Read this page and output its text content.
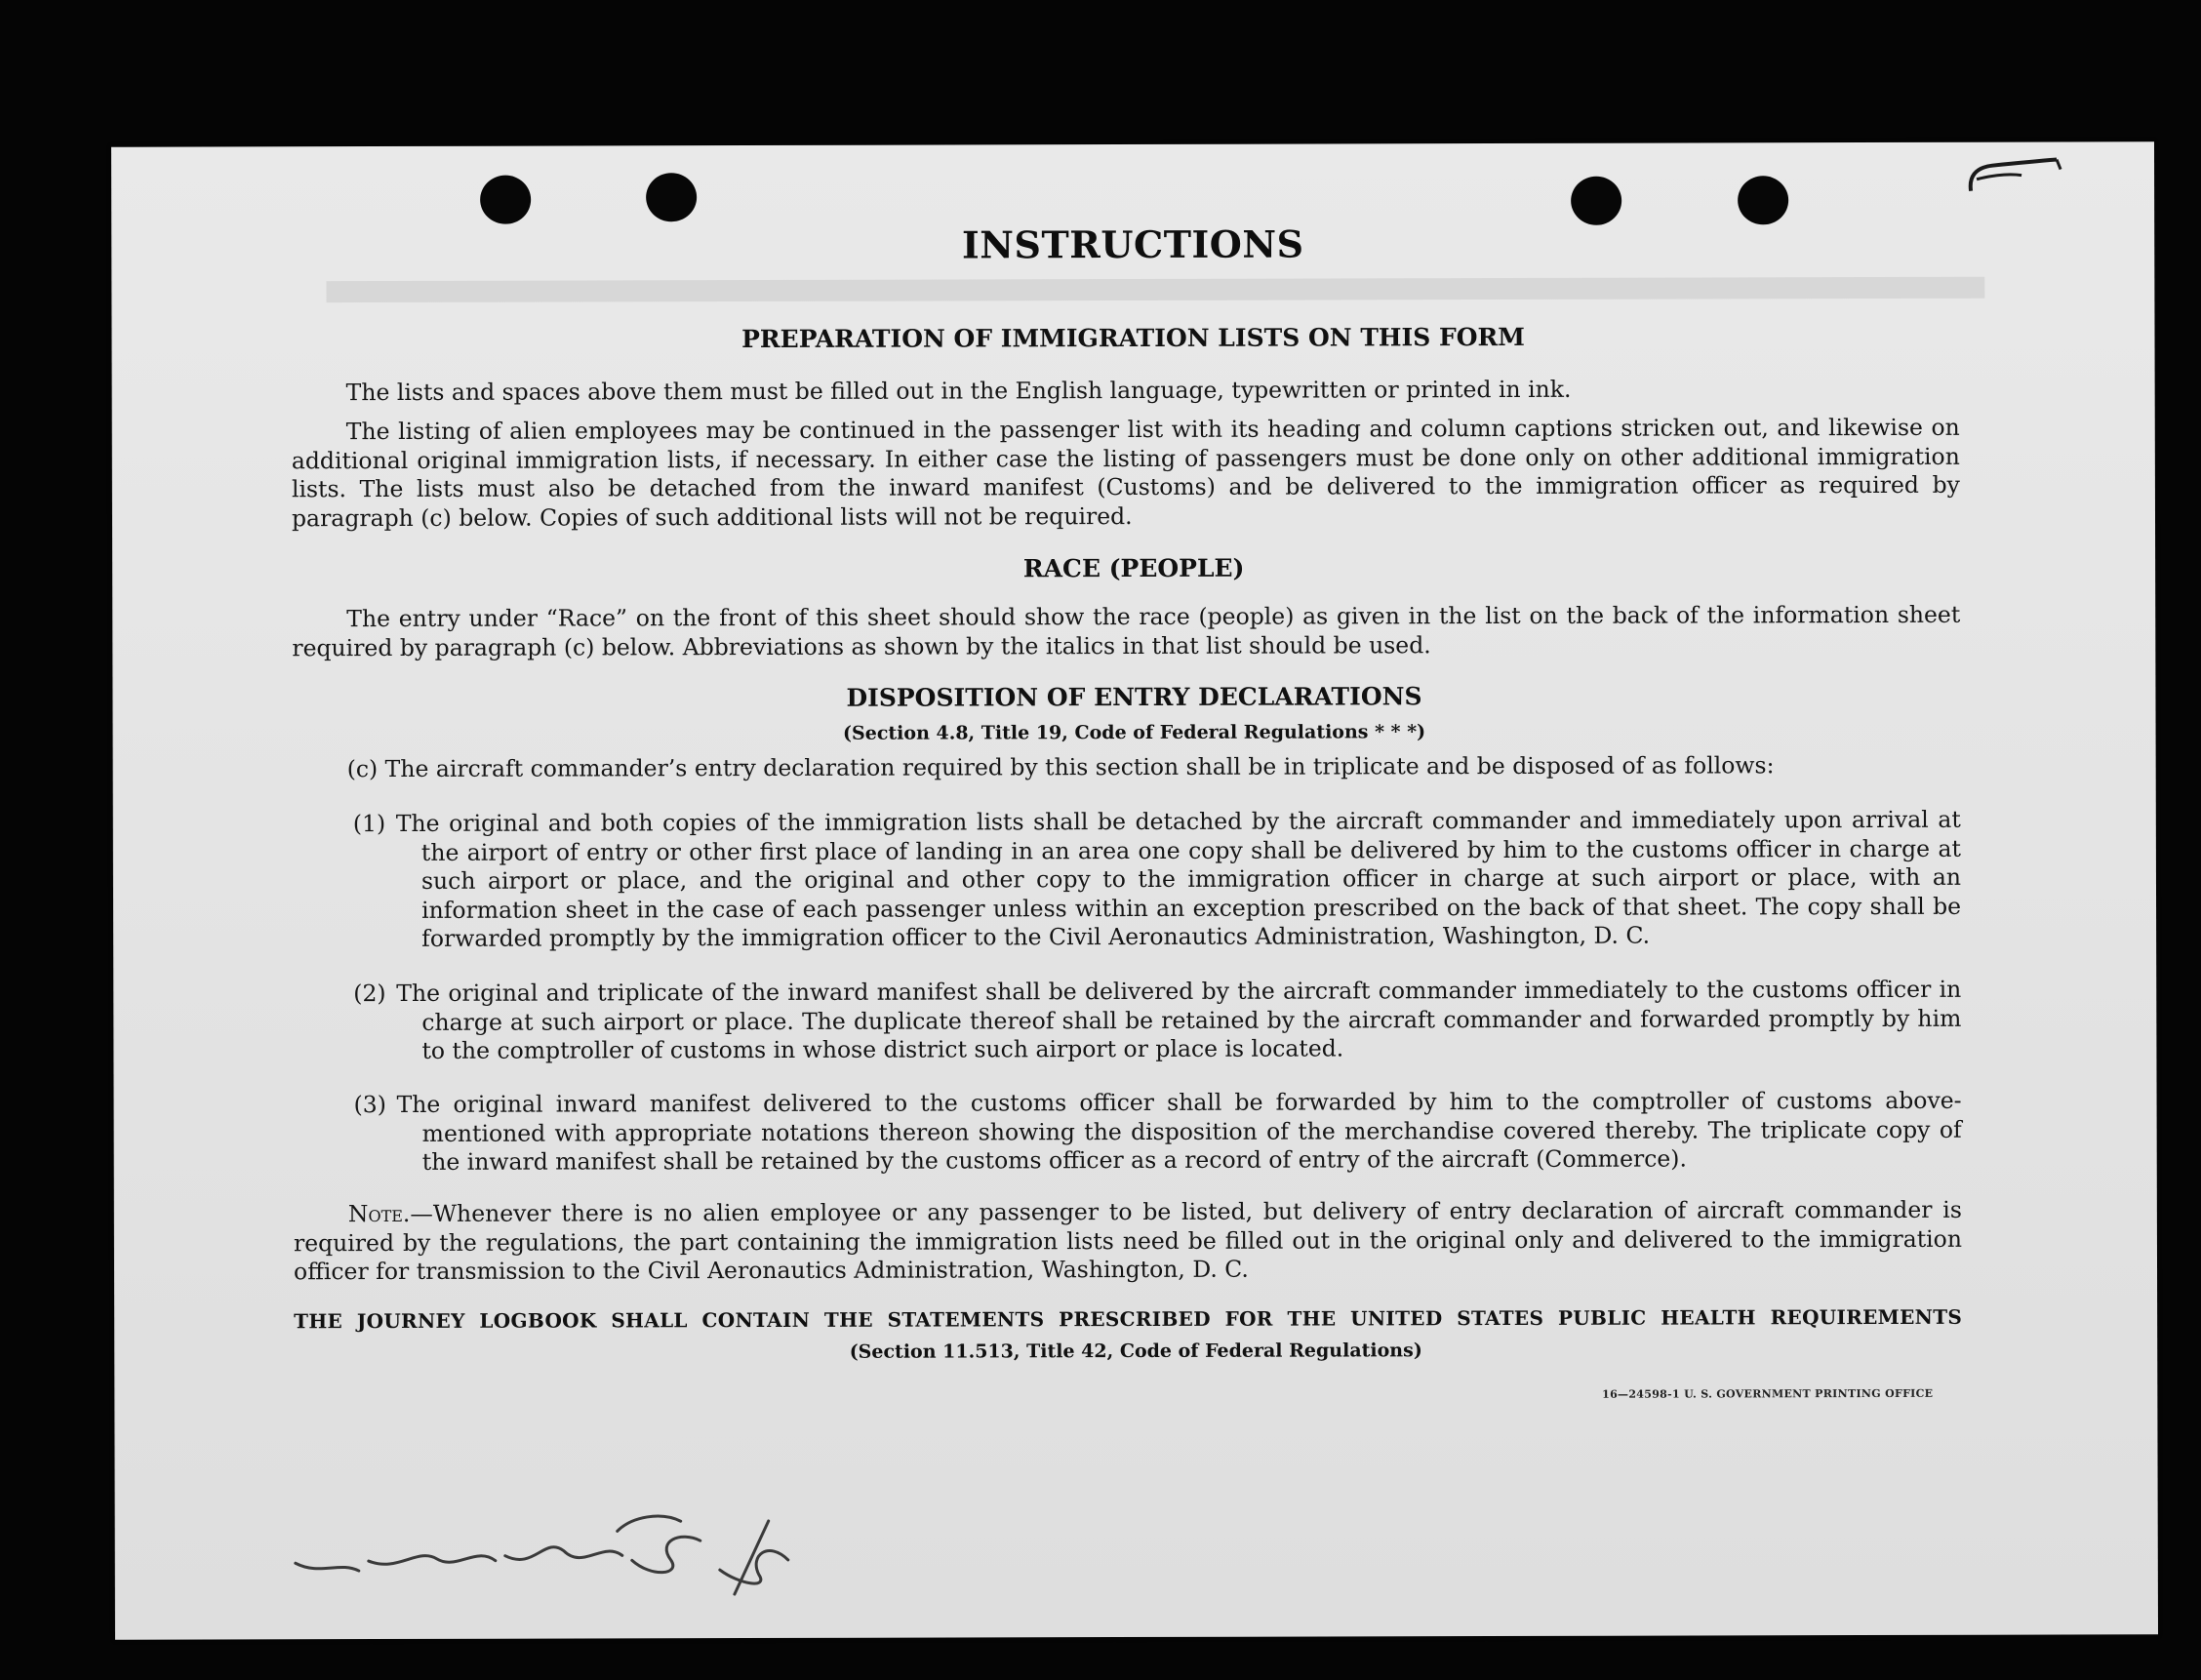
INSTRUCTIONS
PREPARATION OF IMMIGRATION LISTS ON THIS FORM
The lists and spaces above them must be filled out in the English language, typewritten or printed in ink.
The listing of alien employees may be continued in the passenger list with its heading and column captions stricken out, and likewise on additional original immigration lists, if necessary. In either case the listing of passengers must be done only on other additional immigration lists. The lists must also be detached from the inward manifest (Customs) and be delivered to the immigration officer as required by paragraph (c) below. Copies of such additional lists will not be required.
RACE (PEOPLE)
The entry under “Race” on the front of this sheet should show the race (people) as given in the list on the back of the information sheet required by paragraph (c) below. Abbreviations as shown by the italics in that list should be used.
DISPOSITION OF ENTRY DECLARATIONS
(Section 4.8, Title 19, Code of Federal Regulations * * *)
(c) The aircraft commander’s entry declaration required by this section shall be in triplicate and be disposed of as follows:
(1) The original and both copies of the immigration lists shall be detached by the aircraft commander and immediately upon arrival at the airport of entry or other first place of landing in an area one copy shall be delivered by him to the customs officer in charge at such airport or place, and the original and other copy to the immigration officer in charge at such airport or place, with an information sheet in the case of each passenger unless within an exception prescribed on the back of that sheet. The copy shall be forwarded promptly by the immigration officer to the Civil Aeronautics Administration, Washington, D. C.
(2) The original and triplicate of the inward manifest shall be delivered by the aircraft commander immediately to the customs officer in charge at such airport or place. The duplicate thereof shall be retained by the aircraft commander and forwarded promptly by him to the comptroller of customs in whose district such airport or place is located.
(3) The original inward manifest delivered to the customs officer shall be forwarded by him to the comptroller of customs above-mentioned with appropriate notations thereon showing the disposition of the merchandise covered thereby. The triplicate copy of the inward manifest shall be retained by the customs officer as a record of entry of the aircraft (Commerce).
Note.—Whenever there is no alien employee or any passenger to be listed, but delivery of entry declaration of aircraft commander is required by the regulations, the part containing the immigration lists need be filled out in the original only and delivered to the immigration officer for transmission to the Civil Aeronautics Administration, Washington, D. C.
THE JOURNEY LOGBOOK SHALL CONTAIN THE STATEMENTS PRESCRIBED FOR THE UNITED STATES PUBLIC HEALTH REQUIREMENTS
(Section 11.513, Title 42, Code of Federal Regulations)
16—24598-1 U. S. GOVERNMENT PRINTING OFFICE
